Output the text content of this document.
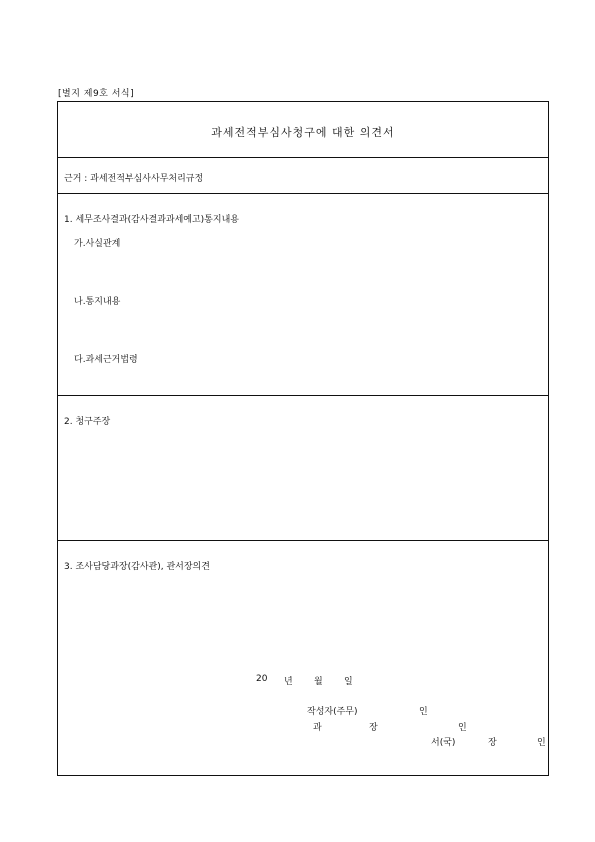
[별지 제9호 서식]
과세전적부심사청구에 대한 의견서
근거 : 과세전적부심사사무처리규정
1. 세무조사결과(감사결과과세예고)통지내용
가.사실관계
나.통지내용
다.과세근거법령
2. 청구주장
3. 조사담당과장(감사관), 관서장의견
20 년 월 일
작성자(주무)	인
과	장	인
서(국)	장	인
